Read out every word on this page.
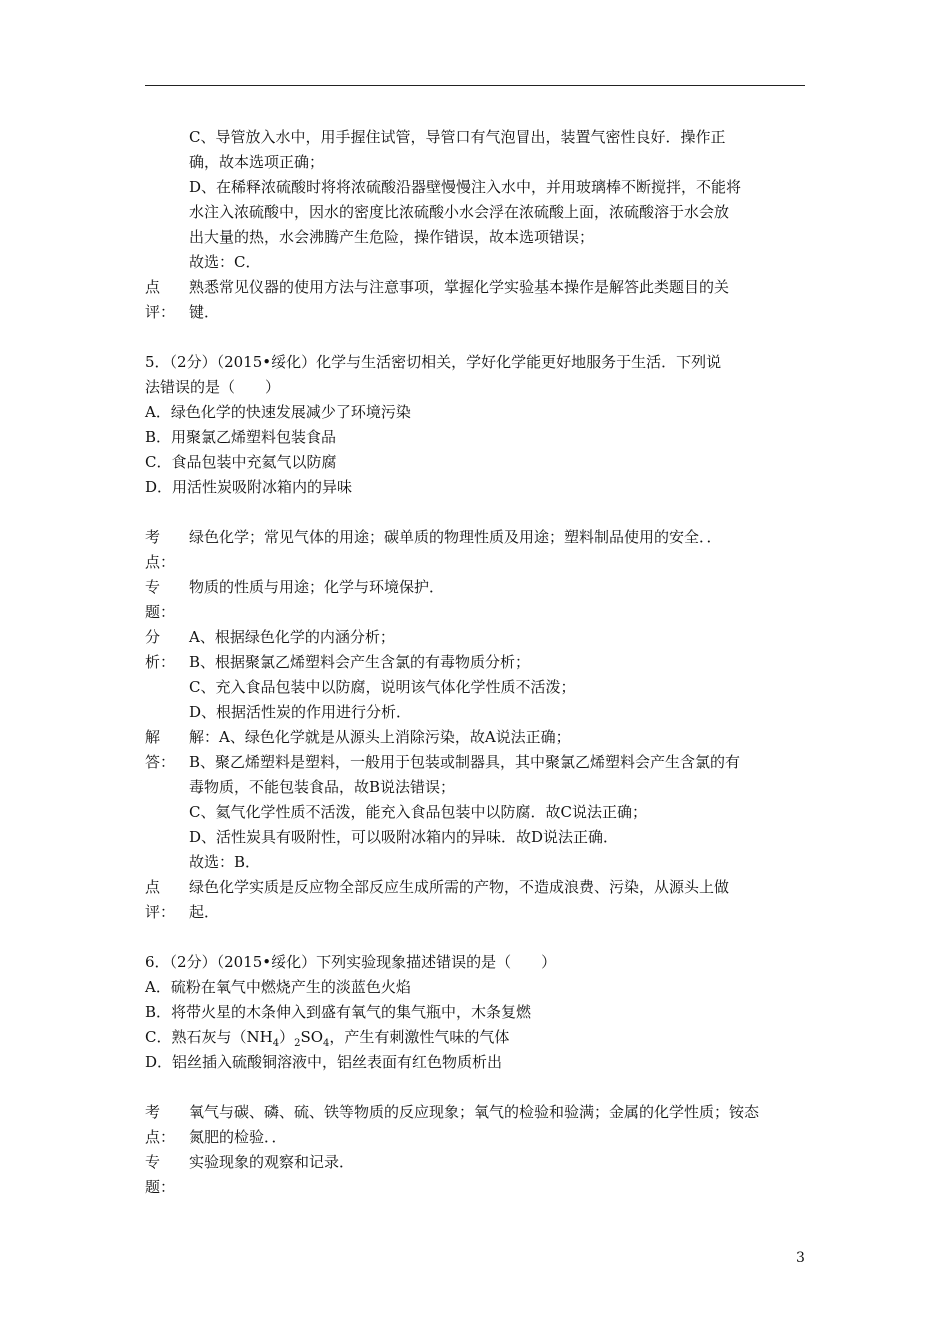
C、导管放入水中，用手握住试管，导管口有气泡冒出，装置气密性良好．操作正
确，故本选项正确；
D、在稀释浓硫酸时将将浓硫酸沿器壁慢慢注入水中，并用玻璃棒不断搅拌，不能将
水注入浓硫酸中，因水的密度比浓硫酸小水会浮在浓硫酸上面，浓硫酸溶于水会放
出大量的热，水会沸腾产生危险，操作错误，故本选项错误；
故选：C．
点 熟悉常见仪器的使用方法与注意事项，掌握化学实验基本操作是解答此类题目的关
评： 键．
5．（2分）（2015•绥化）化学与生活密切相关，学好化学能更好地服务于生活．下列说
法错误的是（　　）
A．绿色化学的快速发展减少了环境污染
B．用聚氯乙烯塑料包装食品
C．食品包装中充氦气以防腐
D．用活性炭吸附冰箱内的异味
考 绿色化学；常见气体的用途；碳单质的物理性质及用途；塑料制品使用的安全．．
点：
专 物质的性质与用途；化学与环境保护．
题：
分 A、根据绿色化学的内涵分析；
析： B、根据聚氯乙烯塑料会产生含氯的有毒物质分析；
C、充入食品包装中以防腐，说明该气体化学性质不活泼；
D、根据活性炭的作用进行分析．
解 解：A、绿色化学就是从源头上消除污染，故A说法正确；
答： B、聚乙烯塑料是塑料，一般用于包装或制器具，其中聚氯乙烯塑料会产生含氯的有
毒物质，不能包装食品，故B说法错误；
C、氦气化学性质不活泼，能充入食品包装中以防腐．故C说法正确；
D、活性炭具有吸附性，可以吸附冰箱内的异味．故D说法正确．
故选：B．
点 绿色化学实质是反应物全部反应生成所需的产物，不造成浪费、污染，从源头上做
评： 起．
6．（2分）（2015•绥化）下列实验现象描述错误的是（　　）
A．硫粉在氧气中燃烧产生的淡蓝色火焰
B．将带火星的木条伸入到盛有氧气的集气瓶中，木条复燃
C．熟石灰与$(NH_4)_2SO_4$，产生有刺激性气味的气体
D．铝丝插入硫酸铜溶液中，铝丝表面有红色物质析出
考 氧气与碳、磷、硫、铁等物质的反应现象；氧气的检验和验满；金属的化学性质；铵态
点： 氮肥的检验．．
专 实验现象的观察和记录．
题：
3
